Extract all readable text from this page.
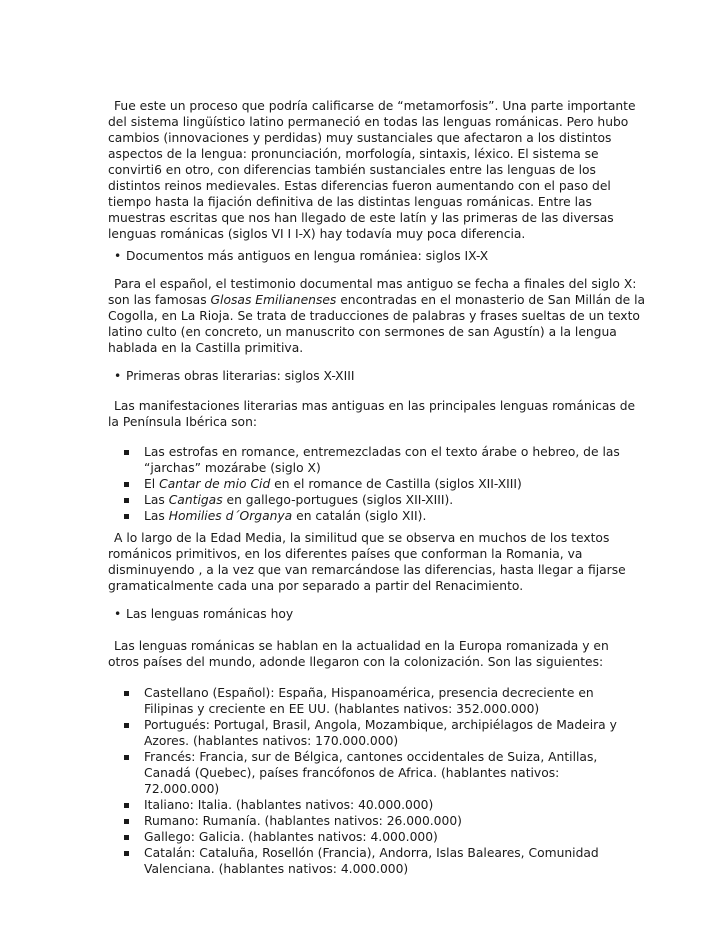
Fue este un proceso que podría calificarse de “metamorfosis”. Una parte importante
del sistema lingüístico latino permaneció en todas las lenguas románicas. Pero hubo
cambios (innovaciones y perdidas) muy sustanciales que afectaron a los distintos
aspectos de la lengua: pronunciación, morfología, sintaxis, léxico. El sistema se
convirti6 en otro, con diferencias también sustanciales entre las lenguas de los
distintos reinos medievales. Estas diferencias fueron aumentando con el paso del
tiempo hasta la fijación definitiva de las distintas lenguas románicas. Entre las
muestras escritas que nos han llegado de este latín y las primeras de las diversas
lenguas románicas (siglos VI I I-X) hay todavía muy poca diferencia.

• Documentos más antiguos en lengua romániea: siglos IX-X

Para el español, el testimonio documental mas antiguo se fecha a finales del siglo X:
son las famosas Glosas Emilianenses encontradas en el monasterio de San Millán de la
Cogolla, en La Rioja. Se trata de traducciones de palabras y frases sueltas de un texto
latino culto (en concreto, un manuscrito con sermones de san Agustín) a la lengua
hablada en la Castilla primitiva.

• Primeras obras literarias: siglos X-XIII

Las manifestaciones literarias mas antiguas en las principales lenguas románicas de
la Península Ibérica son:

Las estrofas en romance, entremezcladas con el texto árabe o hebreo, de las
“jarchas” mozárabe (siglo X)
El Cantar de mio Cid en el romance de Castilla (siglos XII-XIII)
Las Cantigas en gallego-portugues (siglos XII-XIII).
Las Homilies d´Organya en catalán (siglo XII).

A lo largo de la Edad Media, la similitud que se observa en muchos de los textos
románicos primitivos, en los diferentes países que conforman la Romania, va
disminuyendo , a la vez que van remarcándose las diferencias, hasta llegar a fijarse
gramaticalmente cada una por separado a partir del Renacimiento.

• Las lenguas románicas hoy

Las lenguas románicas se hablan en la actualidad en la Europa romanizada y en
otros países del mundo, adonde llegaron con la colonización. Son las siguientes:

Castellano (Español): España, Hispanoamérica, presencia decreciente en
Filipinas y creciente en EE UU. (hablantes nativos: 352.000.000)
Portugués: Portugal, Brasil, Angola, Mozambique, archipiélagos de Madeira y
Azores. (hablantes nativos: 170.000.000)
Francés: Francia, sur de Bélgica, cantones occidentales de Suiza, Antillas,
Canadá (Quebec), países francófonos de Africa. (hablantes nativos:
72.000.000)
Italiano: Italia. (hablantes nativos: 40.000.000)
Rumano: Rumanía. (hablantes nativos: 26.000.000)
Gallego: Galicia. (hablantes nativos: 4.000.000)
Catalán: Cataluña, Rosellón (Francia), Andorra, Islas Baleares, Comunidad
Valenciana. (hablantes nativos: 4.000.000)
